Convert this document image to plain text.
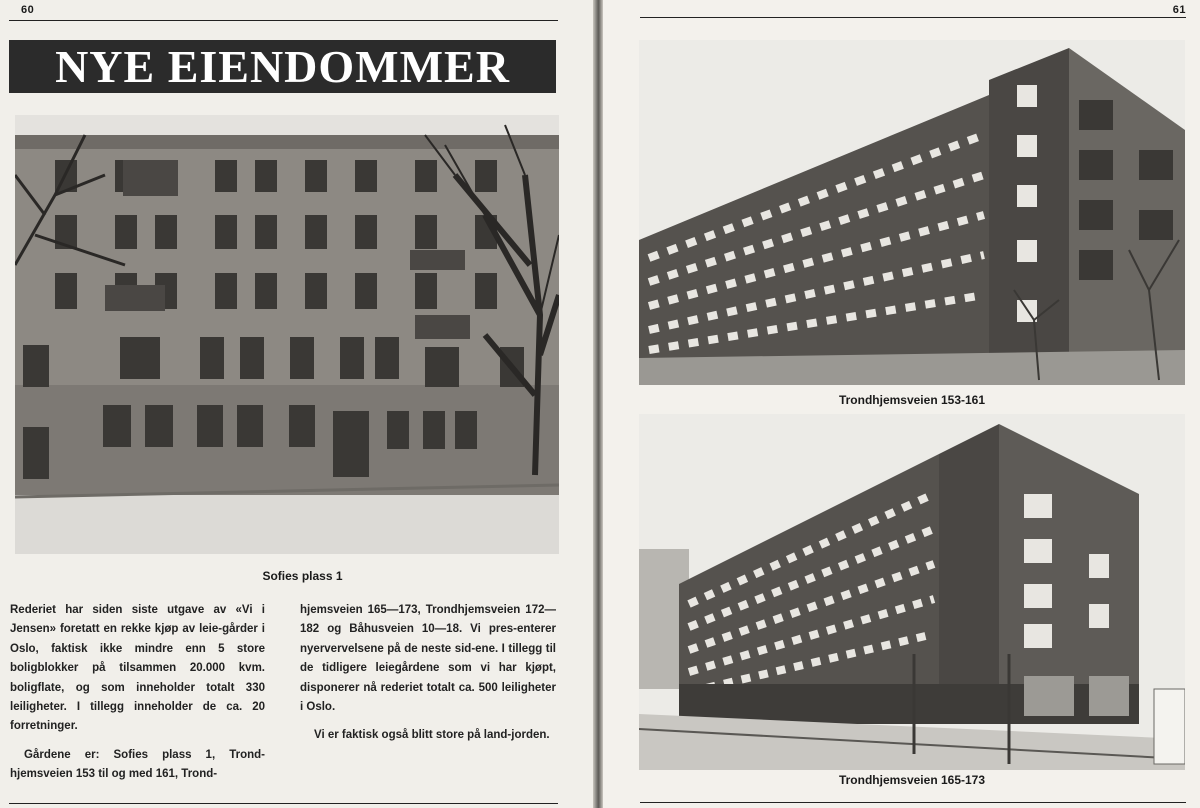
60
NYE EIENDOMMER
Sofies plass 1

Rederiet har siden siste utgave av «Vi i Jensen» foretatt en rekke kjøp av leie-gårder i Oslo, faktisk ikke mindre enn 5 store boligblokker på tilsammen 20.000 kvm. boligflate, og som inneholder totalt 330 leiligheter. I tillegg inneholder de ca. 20 forretninger.

Gårdene er: Sofies plass 1, Trond-hjemsveien 153 til og med 161, Trond-

hjemsveien 165—173, Trondhjemsveien 172—182 og Båhusveien 10—18. Vi pres-enterer nyervervelsene på de neste sid-ene. I tillegg til de tidligere leiegårdene som vi har kjøpt, disponerer nå rederiet totalt ca. 500 leiligheter i Oslo.

Vi er faktisk også blitt store på land-jorden.

61
Trondhjemsveien 153-161
Trondhjemsveien 165-173
